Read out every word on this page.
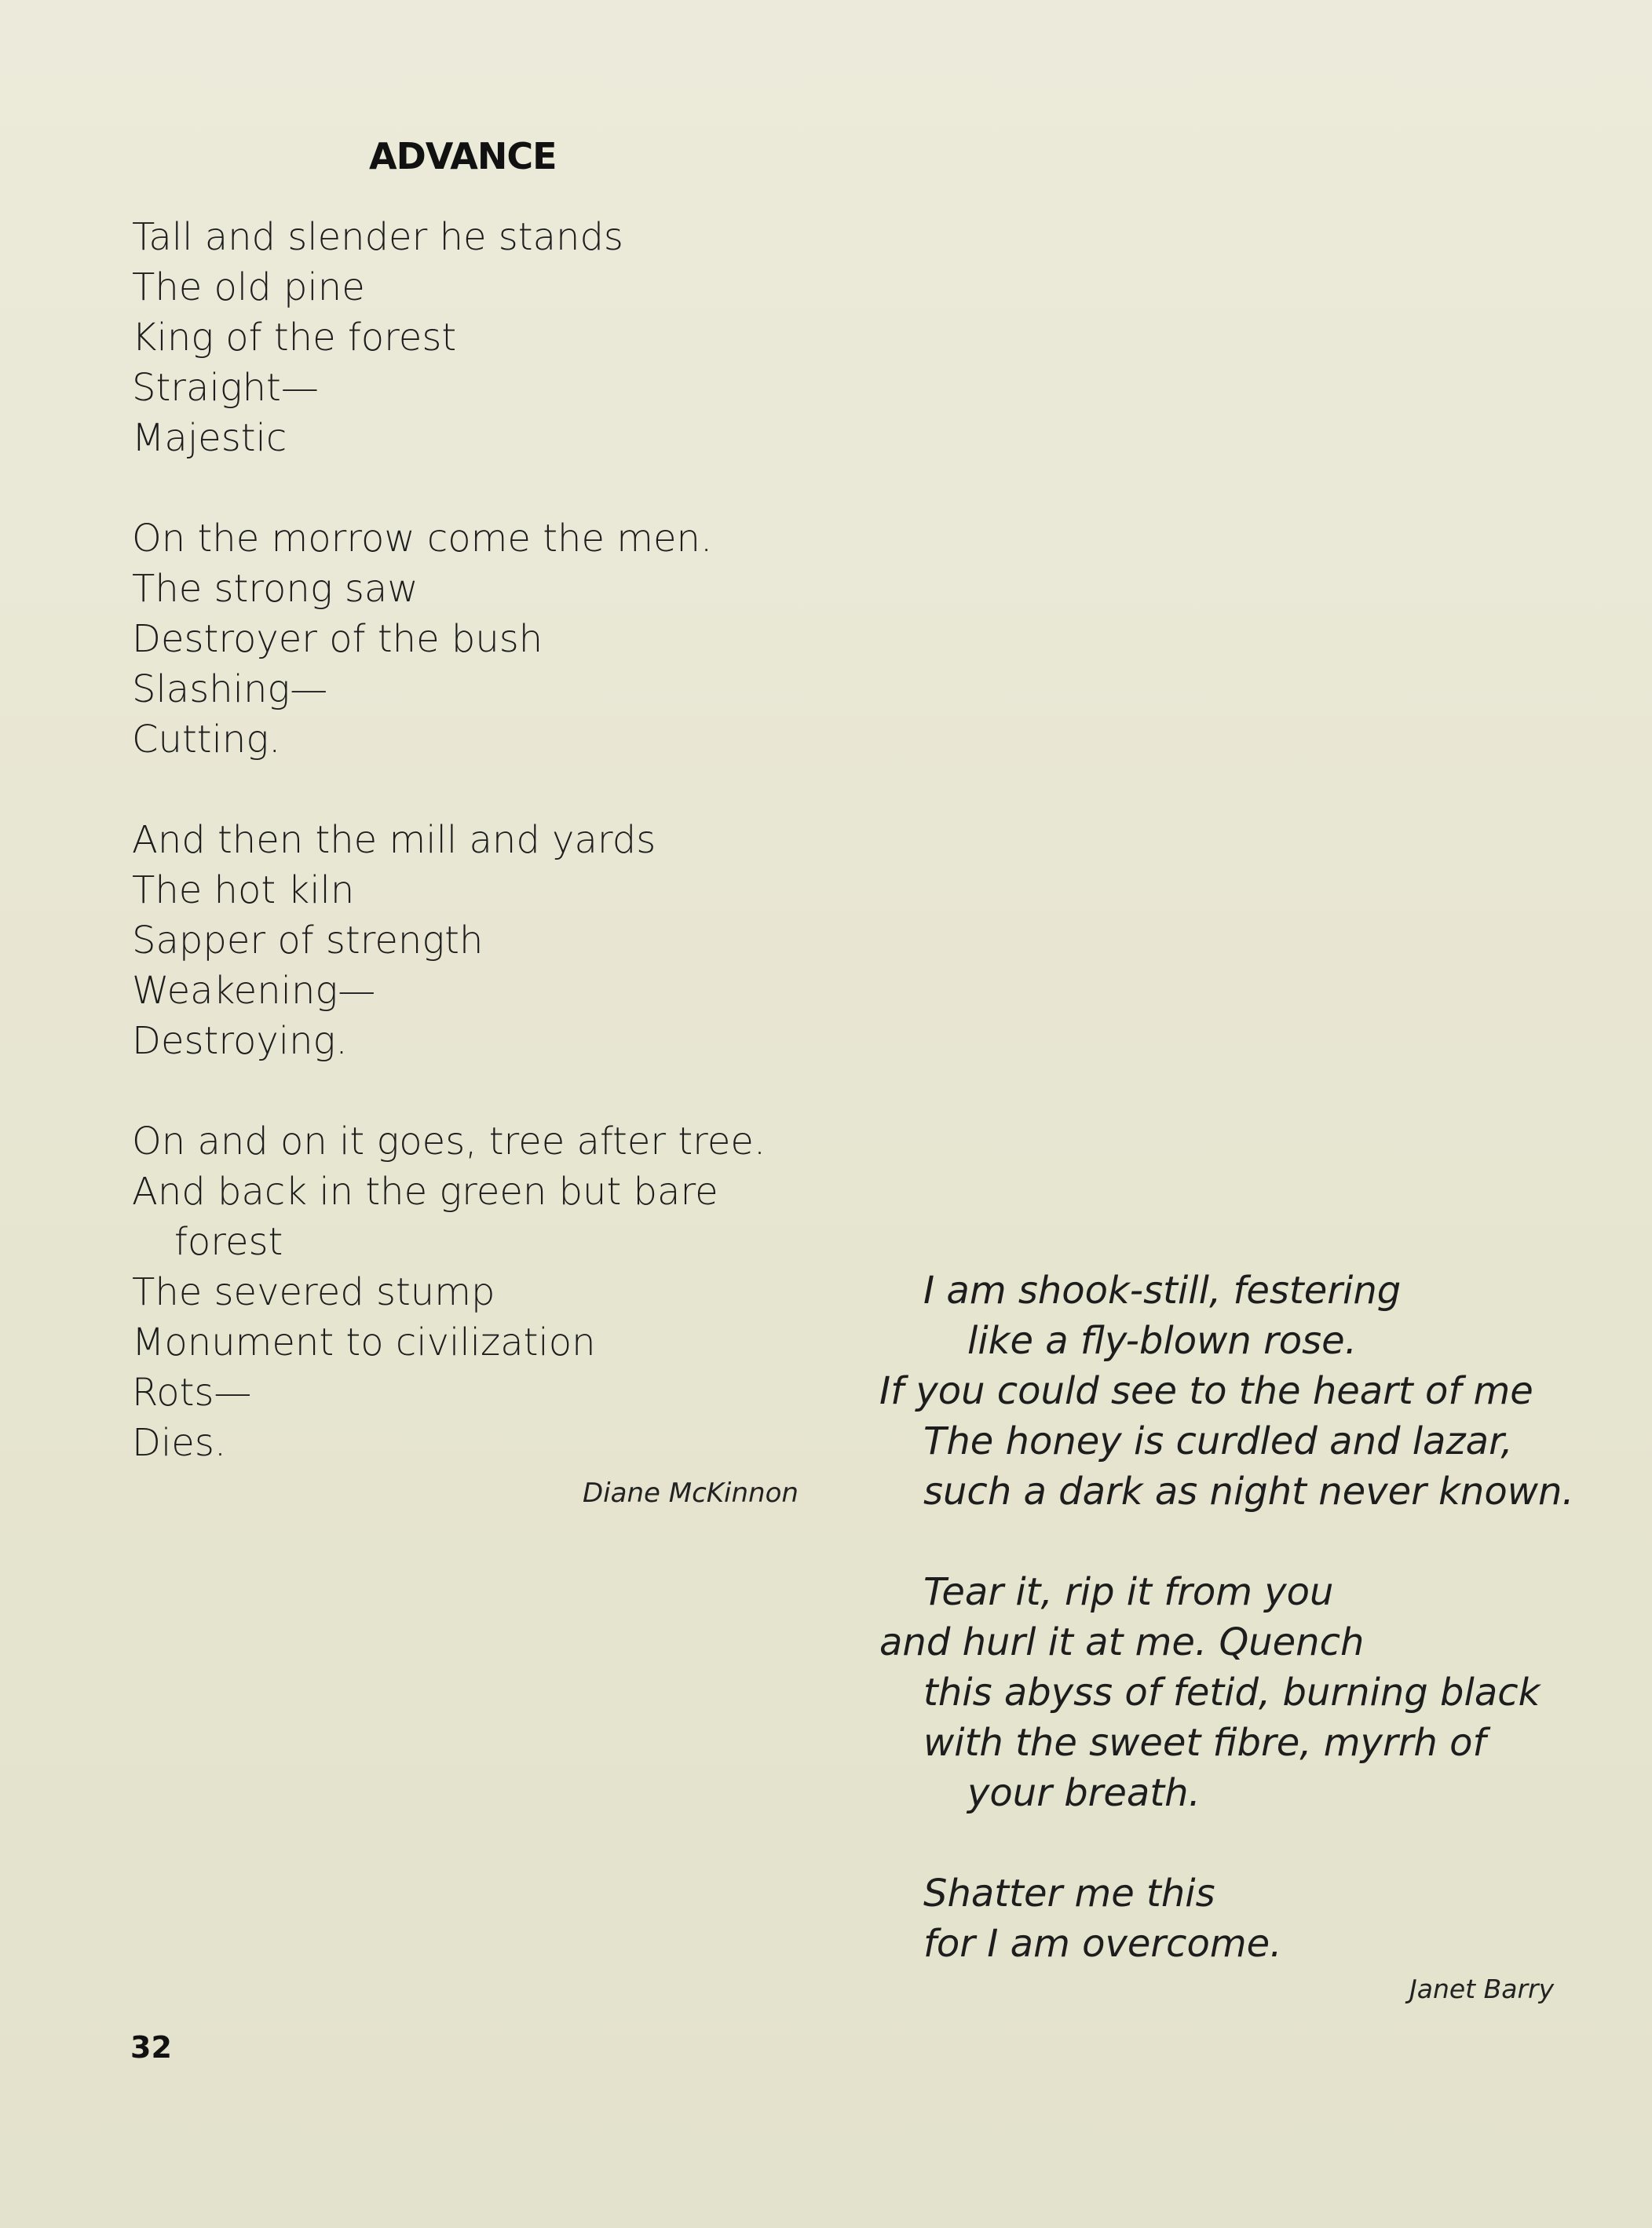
ADVANCE
Tall and slender he stands
The old pine
King of the forest
Straight—
Majestic
On the morrow come the men.
The strong saw
Destroyer of the bush
Slashing—
Cutting.
And then the mill and yards
The hot kiln
Sapper of strength
Weakening—
Destroying.
On and on it goes, tree after tree.
And back in the green but bare
forest
The severed stump
Monument to civilization
Rots—
Dies.
Diane McKinnon
I am shook-still, festering
like a fly-blown rose.
If you could see to the heart of me
The honey is curdled and lazar,
such a dark as night never known.
Tear it, rip it from you
and hurl it at me. Quench
this abyss of fetid, burning black
with the sweet fibre, myrrh of
your breath.
Shatter me this
for I am overcome.
Janet Barry
32
